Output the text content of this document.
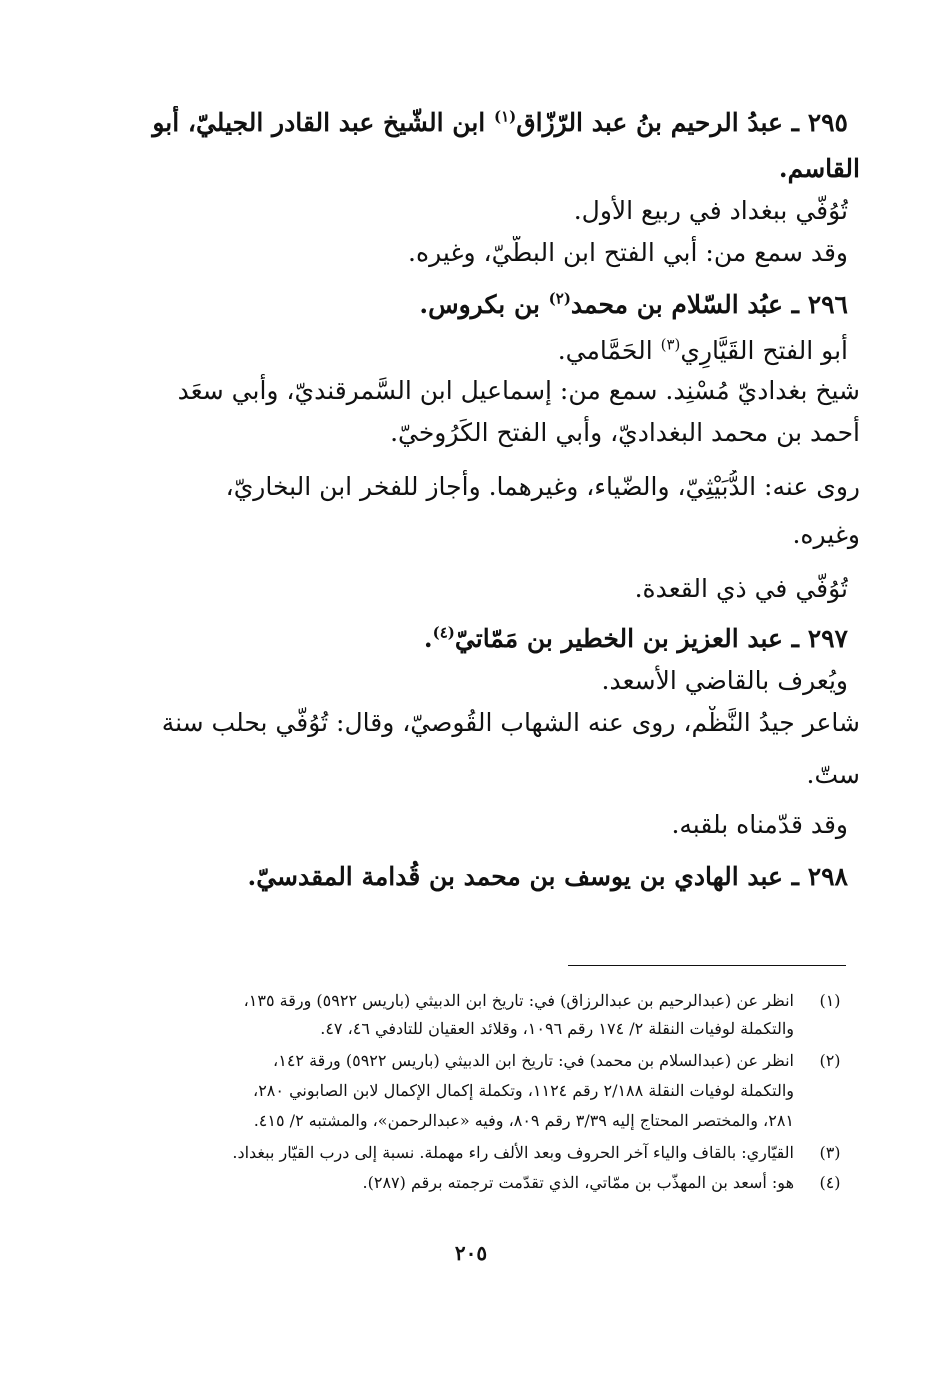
٢٩٥ ـ عبدُ الرحيم بنُ عبد الرّزّاق$^{(١)}$ ابن الشّيخ عبد القادر الجيليّ، أبو
القاسم.
تُوُفّي ببغداد في ربيع الأول.
وقد سمع من: أبي الفتح ابن البطّيّ، وغيره.
٢٩٦ ـ عبُد السّلام بن محمد$^{(٢)}$ بن بكروس.
أبو الفتح القَيَّارِي$^{(٣)}$ الحَمَّامي.
شيخ بغداديّ مُسْنِد. سمع من: إسماعيل ابن السَّمرقنديّ، وأبي سعَد
أحمد بن محمد البغداديّ، وأبي الفتح الكَرُوخيّ.
روى عنه: الدُّبَيْثِيّ، والضّياء، وغيرهما. وأجاز للفخر ابن البخاريّ،
وغيره.
تُوُفّي في ذي القعدة.
٢٩٧ ـ عبد العزيز بن الخطير بن مَمّاتيّ$^{(٤)}$.
ويُعرف بالقاضي الأسعد.
شاعر جيدُ النَّظْم، روى عنه الشهاب القُوصيّ، وقال: تُوُفّي بحلب سنة
ستّ.
وقد قدّمناه بلقبه.
٢٩٨ ـ عبد الهادي بن يوسف بن محمد بن قُدامة المقدسيّ.
(١)
انظر عن (عبدالرحيم بن عبدالرزاق) في: تاريخ ابن الدبيثي (باريس ٥٩٢٢) ورقة ١٣٥،
والتكملة لوفيات النقلة ٢/ ١٧٤ رقم ١٠٩٦، وقلائد العقيان للتادفي ٤٦، ٤٧.
(٢)
انظر عن (عبدالسلام بن محمد) في: تاريخ ابن الدبيثي (باريس ٥٩٢٢) ورقة ١٤٢،
والتكملة لوفيات النقلة ٢/١٨٨ رقم ١١٢٤، وتكملة إكمال الإكمال لابن الصابوني ٢٨٠،
٢٨١، والمختصر المحتاج إليه ٣/٣٩ رقم ٨٠٩، وفيه «عبدالرحمن»، والمشتبه ٢/ ٤١٥.
(٣)
القيّاري: بالقاف والياء آخر الحروف وبعد الألف راء مهملة. نسبة إلى درب القيّار ببغداد.
(٤)
هو: أسعد بن المهذّب بن ممّاتي، الذي تقدّمت ترجمته برقم (٢٨٧).
٢٠٥
